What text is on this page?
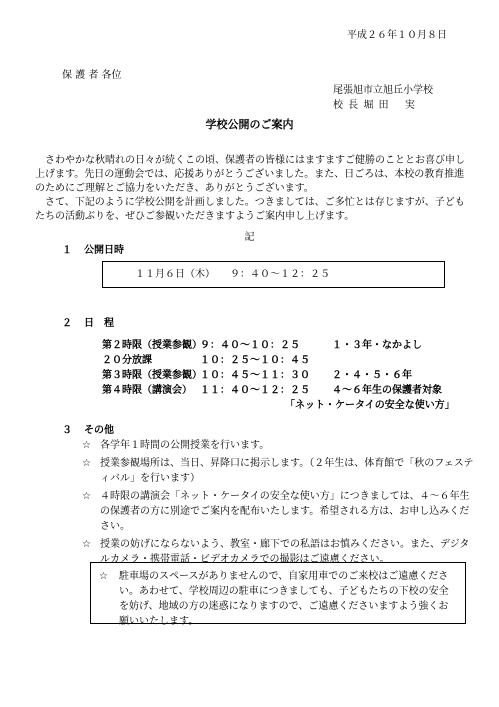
平成２６年１０月８日
保 護 者 各位
尾張旭市立旭丘小学校
校 長 堀 田　 実
学校公開のご案内

さわやかな秋晴れの日々が続くこの頃、保護者の皆様にはますますご健勝のこととお喜び申し上げます。先日の運動会では、応援ありがとうございました。また、日ごろは、本校の教育推進のためにご理解とご協力をいただき、ありがとうございます。

さて、下記のように学校公開を計画しました。つきましては、ご多忙とは存じますが、子どもたちの活動ぶりを、ぜひご参観いただきますようご案内申し上げます。

記
１ 公開日時
１１月６日（木）　　９：４０～１２：２５
２ 日　程
第２時限（授業参観）９：４０～１０：２５	１・３年・なかよし
２０分放課	１０：２５～１０：４５
第３時限（授業参観）１０：４５～１１：３０ ２・４・５・６年
第４時限（講演会） １１：４０～１２：２５ ４～６年生の保護者対象
「ネット・ケータイの安全な使い方」
３ その他
☆ 各学年１時間の公開授業を行います。
☆ 授業参観場所は、当日、昇降口に掲示します。（２年生は、体育館で「秋のフェスティバル」を行います）
☆ ４時限の講演会「ネット・ケータイの安全な使い方」につきましては、４～６年生の保護者の方に別途でご案内を配布いたします。希望される方は、お申し込みください。
☆ 授業の妨げにならないよう、教室・廊下での私語はお慎みください。また、デジタルカメラ・携帯電話・ビデオカメラでの撮影はご遠慮ください。
☆ 駐車場のスペースがありませんので、自家用車でのご来校はご遠慮ください。あわせて、学校周辺の駐車につきましても、子どもたちの下校の安全を妨げ、地域の方の迷惑になりますので、ご遠慮くださいますよう強くお願いいたします。
